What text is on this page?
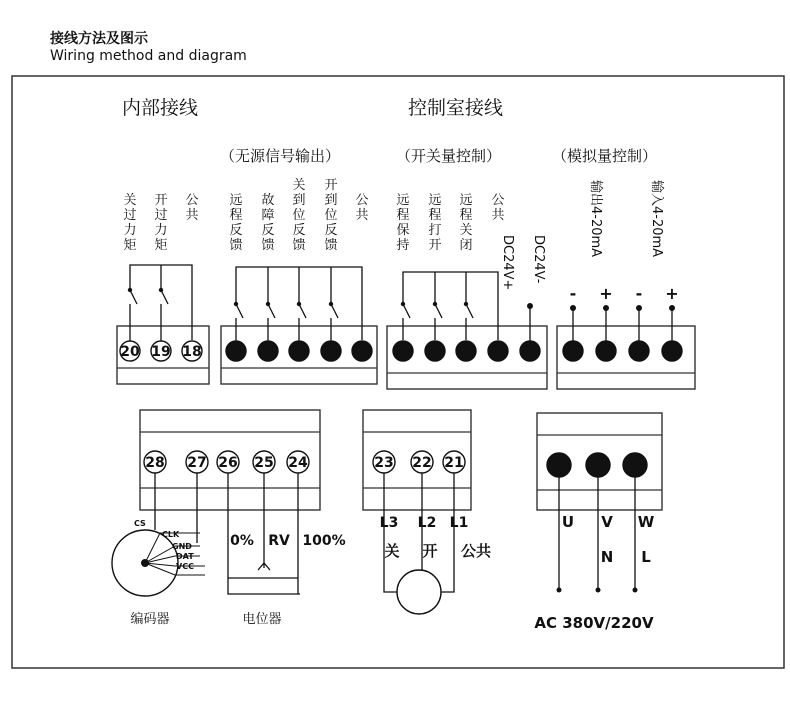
接线方法及图示
Wiring method and diagram
内部接线	控制室接线
（无源信号输出）	（开关量控制）	（模拟量控制）
关
过
力
矩
开
过
力
矩
公
共
远
程
反
馈
故
障
反
馈
关
到
位
反
馈
开
到
位
反
馈
公
共
远
程
保
持
远
程
打
开
远
程
关
闭
公
共
DC24V+ DC24V-
输出4-20mA	输入4-20mA
- + - +
CS
CLK
GND
DAT
VCC
0% RV 100%
编码器	电位器
L3 L2 L1
关 开 公共
U V W
N L
AC 380V/220V
20 19 18 17 16 15 14 13 12 11 10 9 8 7 6 5 4
28 27 26 25 24	23 22 21	3 2 1
